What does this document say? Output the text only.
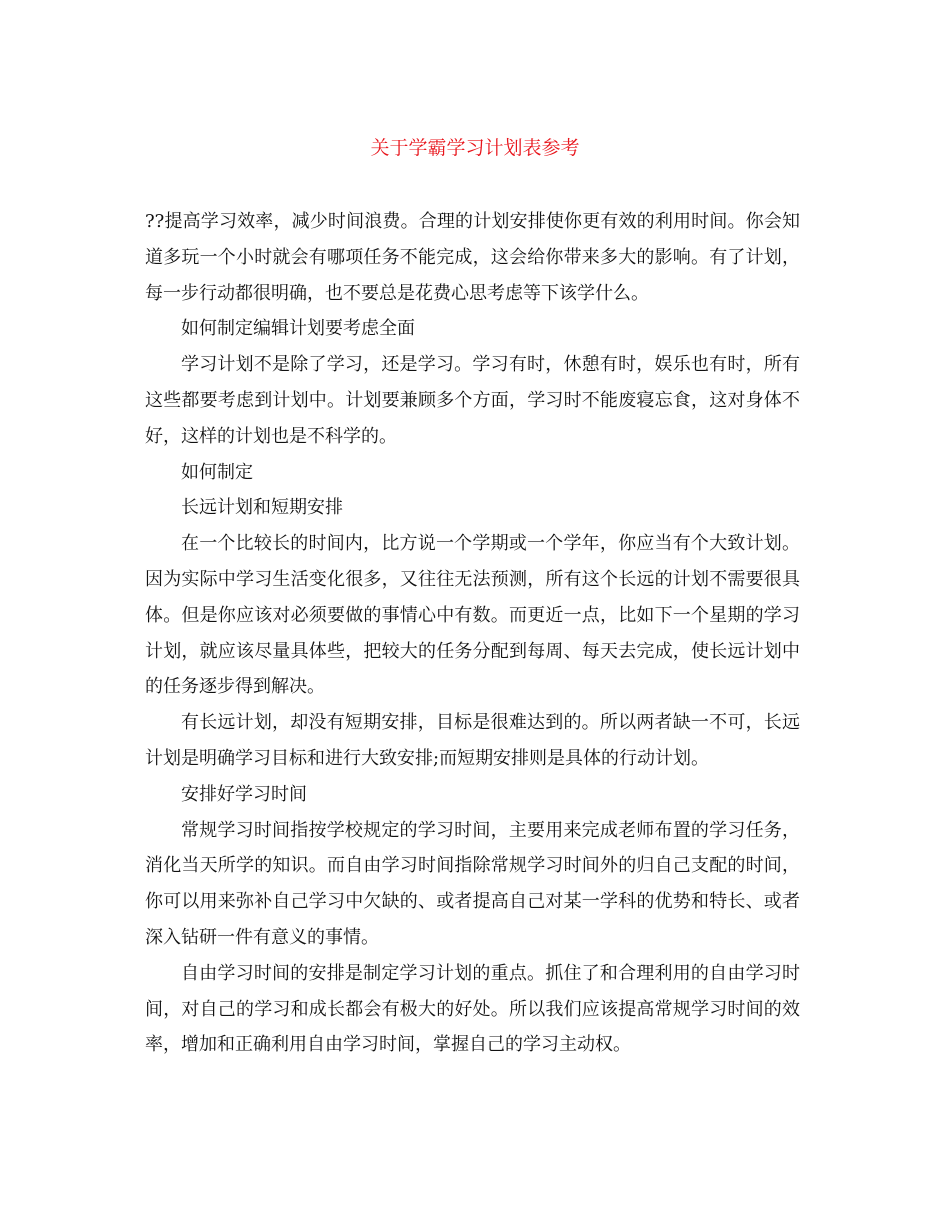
关于学霸学习计划表参考

??提高学习效率，减少时间浪费。合理的计划安排使你更有效的利用时间。你会知道多玩一个小时就会有哪项任务不能完成，这会给你带来多大的影响。有了计划，每一步行动都很明确，也不要总是花费心思考虑等下该学什么。

如何制定编辑计划要考虑全面

学习计划不是除了学习，还是学习。学习有时，休憩有时，娱乐也有时，所有这些都要考虑到计划中。计划要兼顾多个方面，学习时不能废寝忘食，这对身体不好，这样的计划也是不科学的。

如何制定

长远计划和短期安排

在一个比较长的时间内，比方说一个学期或一个学年，你应当有个大致计划。因为实际中学习生活变化很多，又往往无法预测，所有这个长远的计划不需要很具体。但是你应该对必须要做的事情心中有数。而更近一点，比如下一个星期的学习计划，就应该尽量具体些，把较大的任务分配到每周、每天去完成，使长远计划中的任务逐步得到解决。

有长远计划，却没有短期安排，目标是很难达到的。所以两者缺一不可，长远计划是明确学习目标和进行大致安排;而短期安排则是具体的行动计划。

安排好学习时间

常规学习时间指按学校规定的学习时间，主要用来完成老师布置的学习任务，消化当天所学的知识。而自由学习时间指除常规学习时间外的归自己支配的时间，你可以用来弥补自己学习中欠缺的、或者提高自己对某一学科的优势和特长、或者深入钻研一件有意义的事情。

自由学习时间的安排是制定学习计划的重点。抓住了和合理利用的自由学习时间，对自己的学习和成长都会有极大的好处。所以我们应该提高常规学习时间的效率，增加和正确利用自由学习时间，掌握自己的学习主动权。
